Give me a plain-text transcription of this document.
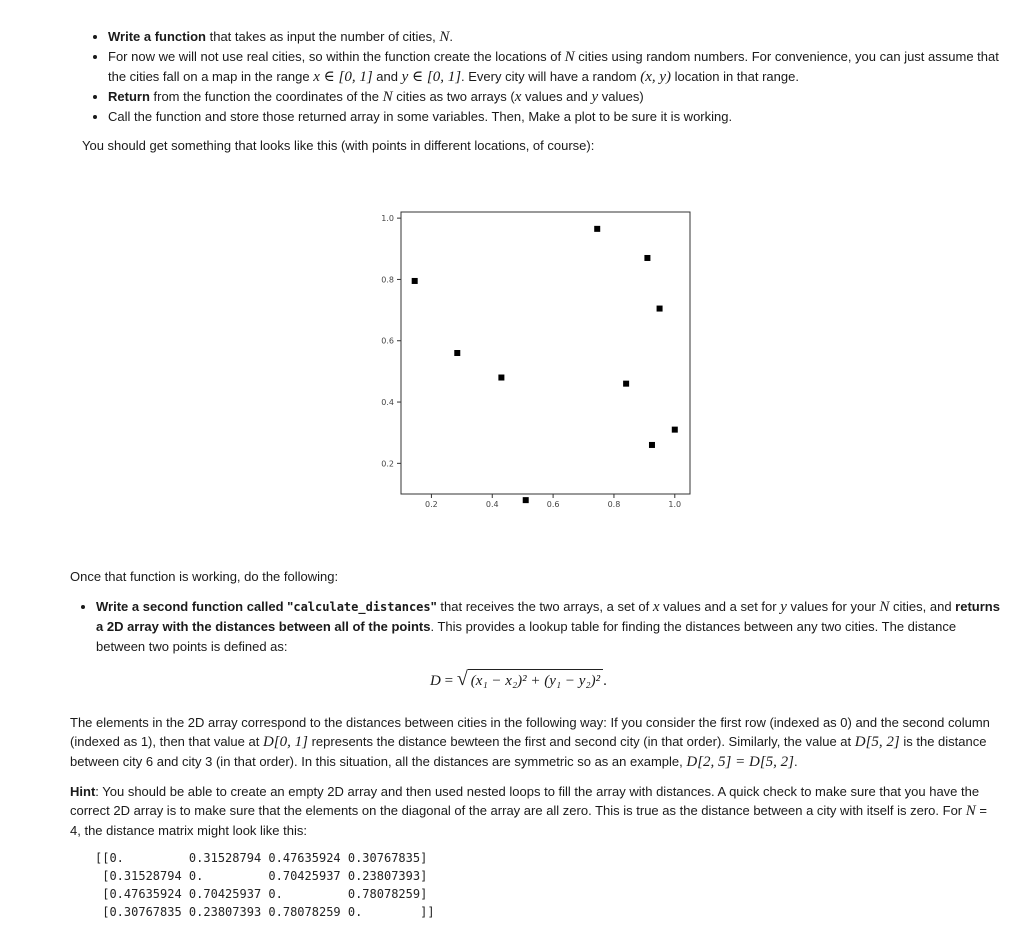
• Write a function that takes as input the number of cities, N.
• For now we will not use real cities, so within the function create the locations of N cities using random numbers. For convenience, you can just assume that the cities fall on a map in the range x ∈ [0, 1] and y ∈ [0, 1]. Every city will have a random (x, y) location in that range.
• Return from the function the coordinates of the N cities as two arrays (x values and y values)
• Call the function and store those returned array in some variables. Then, Make a plot to be sure it is working.

You should get something that looks like this (with points in different locations, of course):

0.2	0.4	0.6	0.8	1.0
0.2
0.4
0.6
0.8
1.0

Once that function is working, do the following:

• Write a second function called "calculate_distances" that receives the two arrays, a set of x values and a set for y values for your N cities, and returns a 2D array with the distances between all of the points. This provides a lookup table for finding the distances between any two cities. The distance between two points is defined as:
D = √ (x₁ − x₂)² + (y₁ − y₂)² .

The elements in the 2D array correspond to the distances between cities in the following way: If you consider the first row (indexed as 0) and the second column (indexed as 1), then that value at D[0, 1] represents the distance bewteen the first and second city (in that order). Similarly, the value at D[5, 2] is the distance between city 6 and city 3 (in that order). In this situation, all the distances are symmetric so as an example, D[2, 5] = D[5, 2].

Hint: You should be able to create an empty 2D array and then used nested loops to fill the array with distances. A quick check to make sure that you have the correct 2D array is to make sure that the elements on the diagonal of the array are all zero. This is true as the distance between a city with itself is zero. For N = 4, the distance matrix might look like this:

[[0.         0.31528794 0.47635924 0.30767835]
[0.31528794 0.         0.70425937 0.23807393]
[0.47635924 0.70425937 0.         0.78078259]
[0.30767835 0.23807393 0.78078259 0.        ]]
